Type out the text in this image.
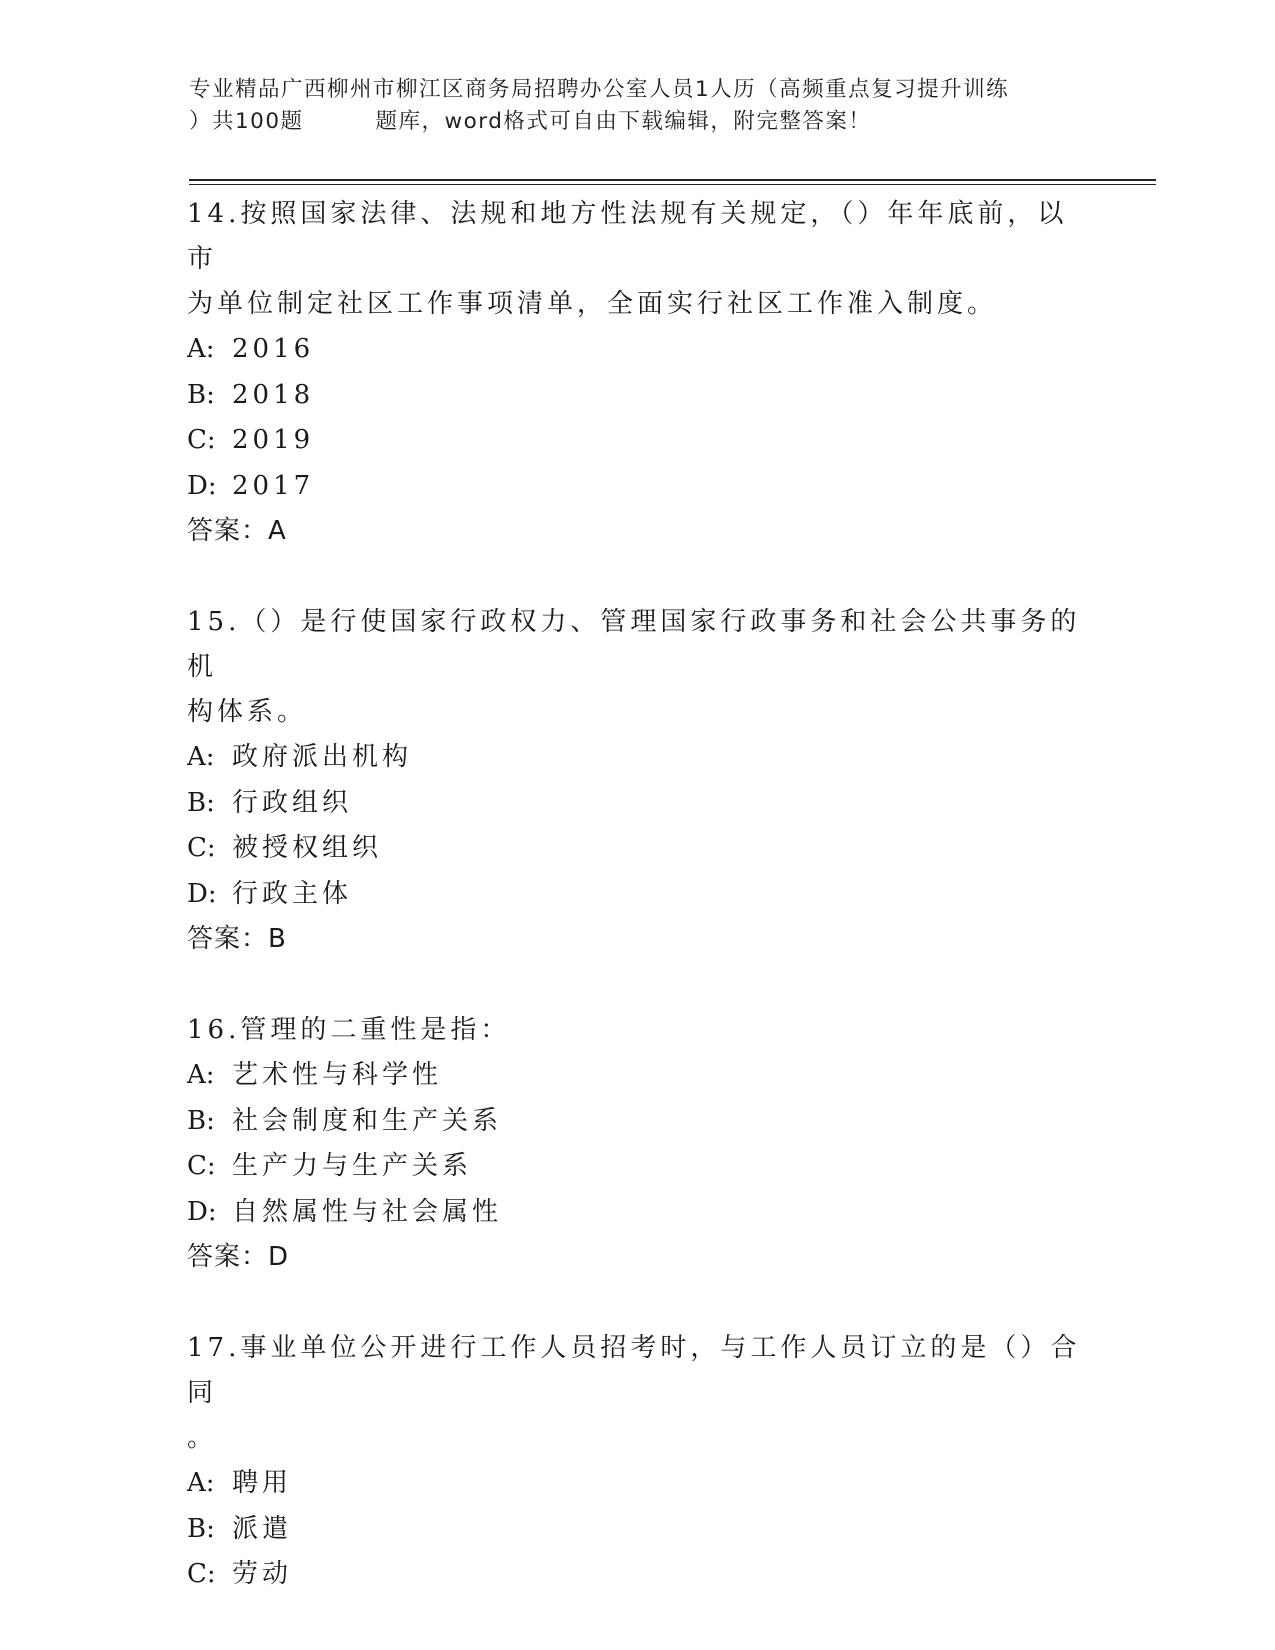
专业精品广西柳州市柳江区商务局招聘办公室人员1人历（高频重点复习提升训练
）共100题	题库，word格式可自由下载编辑，附完整答案！

14.按照国家法律、法规和地方性法规有关规定，（）年年底前，以市

为单位制定社区工作事项清单，全面实行社区工作准入制度。

A: 2016

B: 2018

C: 2019

D: 2017

答案：A

15.（）是行使国家行政权力、管理国家行政事务和社会公共事务的机

构体系。

A: 政府派出机构

B: 行政组织

C: 被授权组织

D: 行政主体

答案：B

16.管理的二重性是指：

A: 艺术性与科学性

B: 社会制度和生产关系

C: 生产力与生产关系

D: 自然属性与社会属性

答案：D

17.事业单位公开进行工作人员招考时，与工作人员订立的是（）合同

。

A: 聘用

B: 派遣

C: 劳动
